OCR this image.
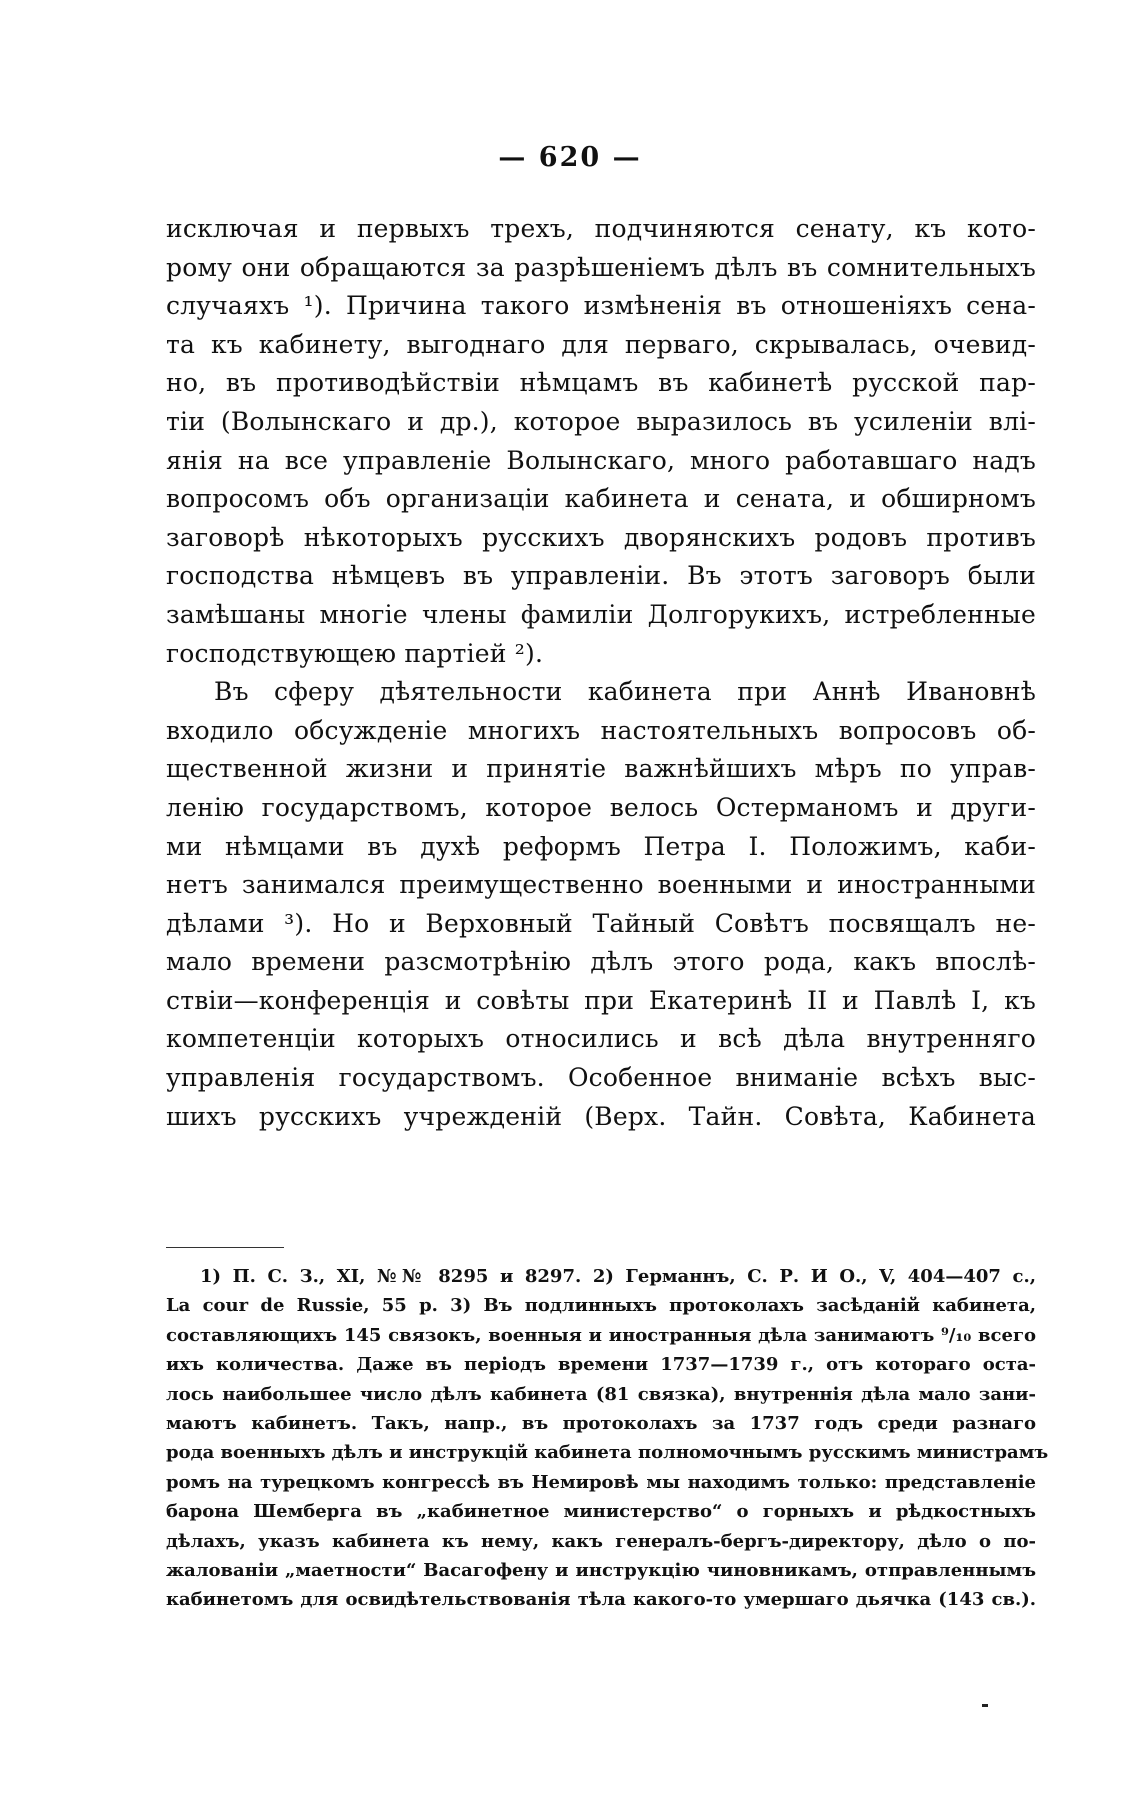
— 620 —
исключая и первыхъ трехъ, подчиняются сенату, къ кото-
рому они обращаются за разрѣшеніемъ дѣлъ въ сомнительныхъ
случаяхъ ¹). Причина такого измѣненія въ отношеніяхъ сена-
та къ кабинету, выгоднаго для перваго, скрывалась, очевид-
но, въ противодѣйствіи нѣмцамъ въ кабинетѣ русской пар-
тіи (Волынскаго и др.), которое выразилось въ усиленіи влі-
янія на все управленіе Волынскаго, много работавшаго надъ
вопросомъ объ организаціи кабинета и сената, и обширномъ
заговорѣ нѣкоторыхъ русскихъ дворянскихъ родовъ противъ
господства нѣмцевъ въ управленіи. Въ этотъ заговоръ были
замѣшаны многіе члены фамиліи Долгорукихъ, истребленные
господствующею партіей ²).
Въ сферу дѣятельности кабинета при Аннѣ Ивановнѣ
входило обсужденіе многихъ настоятельныхъ вопросовъ об-
щественной жизни и принятіе важнѣйшихъ мѣръ по управ-
ленію государствомъ, которое велось Остерманомъ и други-
ми нѣмцами въ духѣ реформъ Петра I. Положимъ, каби-
нетъ занимался преимущественно военными и иностранными
дѣлами ³). Но и Верховный Тайный Совѣтъ посвящалъ не-
мало времени разсмотрѣнію дѣлъ этого рода, какъ впослѣ-
ствіи—конференція и совѣты при Екатеринѣ II и Павлѣ I, къ
компетенціи которыхъ относились и всѣ дѣла внутренняго
управленія государствомъ. Особенное вниманіе всѣхъ выс-
шихъ русскихъ учрежденій (Верх. Тайн. Совѣта, Кабинета
1) П. С. З., XI, №№ 8295 и 8297. 2) Германнъ, С. Р. И О., V, 404—407 с.,
La cour de Russie, 55 p. 3) Въ подлинныхъ протоколахъ засѣданій кабинета,
составляющихъ 145 связокъ, военныя и иностранныя дѣла занимаютъ ⁹/₁₀ всего
ихъ количества. Даже въ періодъ времени 1737—1739 г., отъ котораго оста-
лось наибольшее число дѣлъ кабинета (81 связка), внутреннія дѣла мало зани-
маютъ кабинетъ. Такъ, напр., въ протоколахъ за 1737 годъ среди разнаго
рода военныхъ дѣлъ и инструкцій кабинета полномочнымъ русскимъ министрамъ
ромъ на турецкомъ конгрессѣ въ Немировѣ мы находимъ только: представленіе
барона Шемберга въ „кабинетное министерство“ о горныхъ и рѣдкостныхъ
дѣлахъ, указъ кабинета къ нему, какъ генералъ-бергъ-директору, дѣло о по-
жалованіи „маетности“ Васагофену и инструкцію чиновникамъ, отправленнымъ
кабинетомъ для освидѣтельствованія тѣла какого-то умершаго дьячка (143 св.).
